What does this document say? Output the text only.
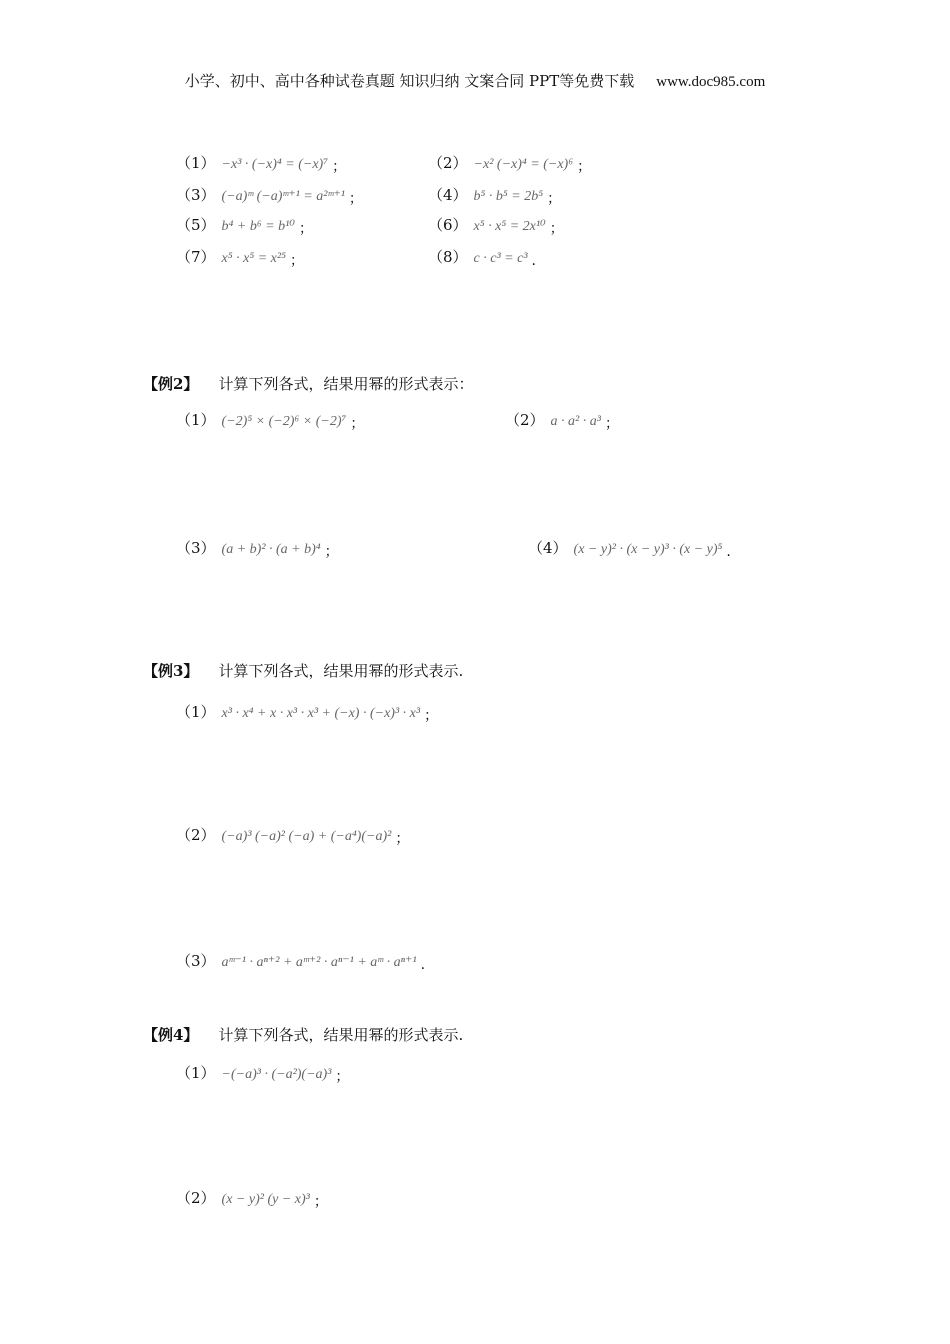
小学、初中、高中各种试卷真题 知识归纳 文案合同 PPT等免费下载 www.doc985.com
（1） −x³ · (−x)⁴ = (−x)⁷ ；	（2） −x² (−x)⁴ = (−x)⁶ ；
（3） (−a)ᵐ (−a)ᵐ⁺¹ = a²ᵐ⁺¹ ；	（4） b⁵ · b⁵ = 2b⁵ ；
（5） b⁴ + b⁶ = b¹⁰ ；	（6） x⁵ · x⁵ = 2x¹⁰ ；
（7） x⁵ · x⁵ = x²⁵ ；	（8） c · c³ = c³ .
【例2】 计算下列各式，结果用幂的形式表示：
（1） (−2)⁵ × (−2)⁶ × (−2)⁷ ；	（2） a · a² · a³ ；
（3） (a + b)² · (a + b)⁴ ；	（4） (x − y)² · (x − y)³ · (x − y)⁵ .
【例3】 计算下列各式，结果用幂的形式表示.
（1） x³ · x⁴ + x · x³ · x³ + (−x) · (−x)³ · x³ ；
（2） (−a)³ (−a)² (−a) + (−a⁴)(−a)² ；
（3） aᵐ⁻¹ · aⁿ⁺² + aᵐ⁺² · aⁿ⁻¹ + aᵐ · aⁿ⁺¹ .
【例4】 计算下列各式，结果用幂的形式表示.
（1） −(−a)³ · (−a²)(−a)³ ；
（2） (x − y)² (y − x)³ ；
